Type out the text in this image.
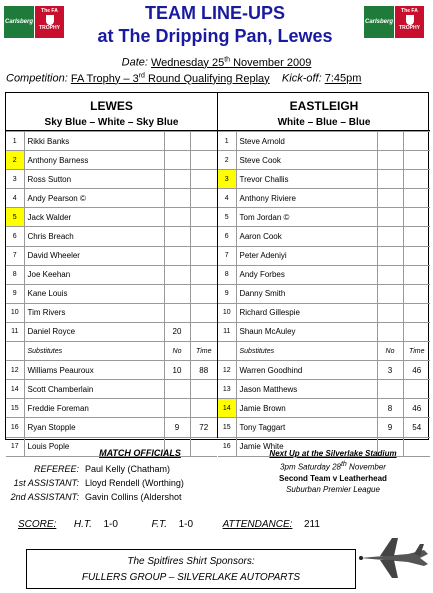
Carlsberg
The FA
TROPHY
Carlsberg
The FA
TROPHY
TEAM LINE-UPS
at The Dripping Pan, Lewes
Date: Wednesday 25th November 2009
Competition: FA Trophy – 3rd Round Qualifying Replay Kick-off: 7:45pm
LEWES
Sky Blue – White – Sky Blue
1	Rikki Banks		
2	Anthony Barness		
3	Ross Sutton		
4	Andy Pearson ©		
5	Jack Walder		
6	Chris Breach		
7	David Wheeler		
8	Joe Keehan		
9	Kane Louis		
10	Tim Rivers		
11	Daniel Royce	20	
	Substitutes	No	Time
12	Williams Peauroux	10	88
14	Scott Chamberlain		
15	Freddie Foreman		
16	Ryan Stopple	9	72
17	Louis Pople		
EASTLEIGH
White – Blue – Blue
1	Steve Arnold		
2	Steve Cook		
3	Trevor Challis		
4	Anthony Riviere		
5	Tom Jordan ©		
6	Aaron Cook		
7	Peter Adeniyi		
8	Andy Forbes		
9	Danny Smith		
10	Richard Gillespie		
11	Shaun McAuley		
	Substitutes	No	Time
12	Warren Goodhind	3	46
13	Jason Matthews		
14	Jamie Brown	8	46
15	Tony Taggart	9	54
16	Jamie White		
MATCH OFFICIALS
REFEREE: Paul Kelly (Chatham)
1st ASSISTANT: Lloyd Rendell (Worthing)
2nd ASSISTANT: Gavin Collins (Aldershot
Next Up at the Silverlake Stadium
3pm Saturday 28th November
Second Team v Leatherhead
Suburban Premier League
SCORE: H.T. 1-0	F.T. 1-0	ATTENDANCE: 211
The Spitfires Shirt Sponsors:
FULLERS GROUP – SILVERLAKE AUTOPARTS
